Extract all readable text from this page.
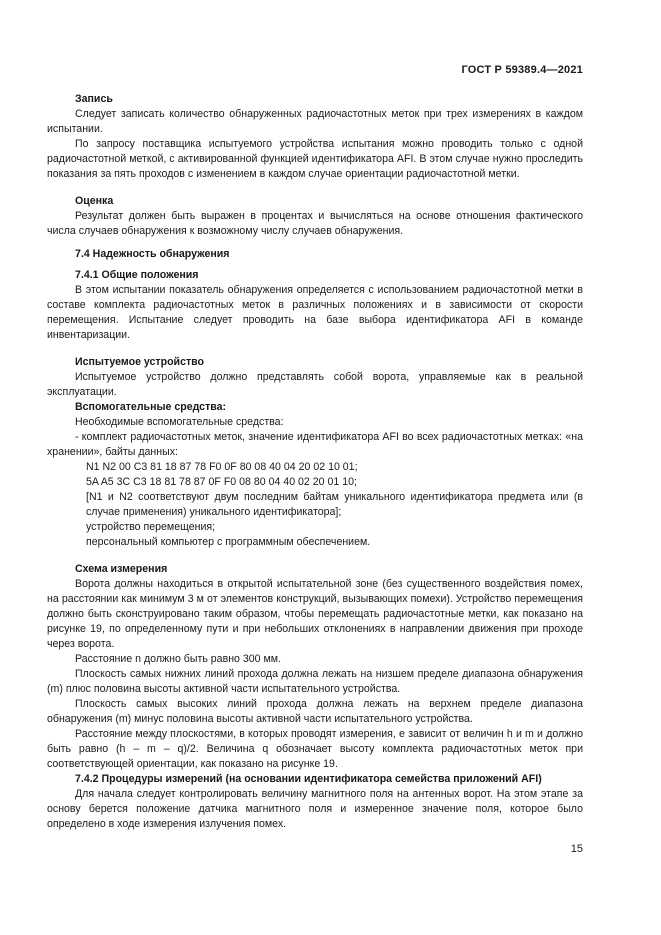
ГОСТ Р 59389.4—2021

Запись

Следует записать количество обнаруженных радиочастотных меток при трех измерениях в каждом испытании.

По запросу поставщика испытуемого устройства испытания можно проводить только с одной радиочастотной меткой, с активированной функцией идентификатора AFI. В этом случае нужно проследить показания за пять проходов с изменением в каждом случае ориентации радиочастотной метки.

Оценка

Результат должен быть выражен в процентах и вычисляться на основе отношения фактического числа случаев обнаружения к возможному числу случаев обнаружения.

7.4 Надежность обнаружения

7.4.1 Общие положения

В этом испытании показатель обнаружения определяется с использованием радиочастотной метки в составе комплекта радиочастотных меток в различных положениях и в зависимости от скорости перемещения. Испытание следует проводить на базе выбора идентификатора AFI в команде инвентаризации.

Испытуемое устройство

Испытуемое устройство должно представлять собой ворота, управляемые как в реальной эксплуатации.

Вспомогательные средства:

Необходимые вспомогательные средства:

- комплект радиочастотных меток, значение идентификатора AFI во всех радиочастотных метках: «на хранении», байты данных:

N1 N2 00 C3 81 18 87 78 F0 0F 80 08 40 04 20 02 10 01;

5A A5 3C C3 18 81 78 87 0F F0 08 80 04 40 02 20 01 10;

[N1 и N2 соответствуют двум последним байтам уникального идентификатора предмета или (в случае применения) уникального идентификатора];

устройство перемещения;

персональный компьютер с программным обеспечением.

Схема измерения

Ворота должны находиться в открытой испытательной зоне (без существенного воздействия помех, на расстоянии как минимум 3 м от элементов конструкций, вызывающих помехи). Устройство перемещения должно быть сконструировано таким образом, чтобы перемещать радиочастотные метки, как показано на рисунке 19, по определенному пути и при небольших отклонениях в направлении движения при проходе через ворота.

Расстояние n должно быть равно 300 мм.

Плоскость самых нижних линий прохода должна лежать на низшем пределе диапазона обнаружения (m) плюс половина высоты активной части испытательного устройства.

Плоскость самых высоких линий прохода должна лежать на верхнем пределе диапазона обнаружения (m) минус половина высоты активной части испытательного устройства.

Расстояние между плоскостями, в которых проводят измерения, e зависит от величин h и m и должно быть равно (h – m – q)/2. Величина q обозначает высоту комплекта радиочастотных меток при соответствующей ориентации, как показано на рисунке 19.

7.4.2 Процедуры измерений (на основании идентификатора семейства приложений AFI)

Для начала следует контролировать величину магнитного поля на антенных ворот. На этом этапе за основу берется положение датчика магнитного поля и измеренное значение поля, которое было определено в ходе измерения излучения помех.

15
